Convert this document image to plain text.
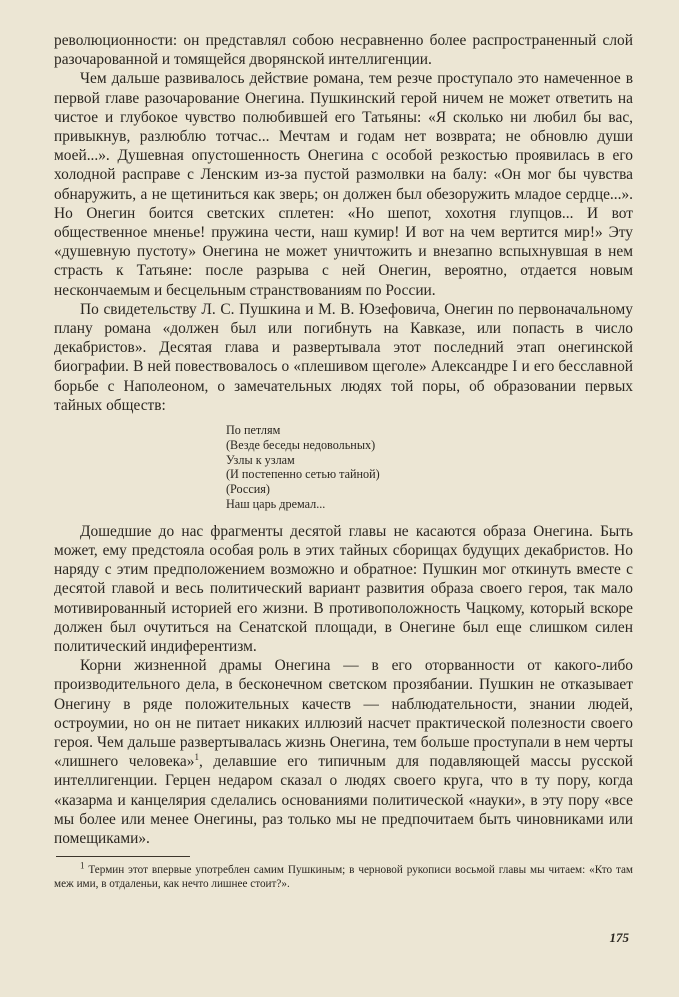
революционности: он представлял собою несравненно более распространенный слой разочарованной и томящейся дворянской интеллигенции.

Чем дальше развивалось действие романа, тем резче проступало это намеченное в первой главе разочарование Онегина. Пушкинский герой ничем не может ответить на чистое и глубокое чувство полюбившей его Татьяны: «Я сколько ни любил бы вас, привыкнув, разлюблю тотчас... Мечтам и годам нет возврата; не обновлю души моей...». Душевная опустошенность Онегина с особой резкостью проявилась в его холодной расправе с Ленским из-за пустой размолвки на балу: «Он мог бы чувства обнаружить, а не щетиниться как зверь; он должен был обезоружить младое сердце...». Но Онегин боится светских сплетен: «Но шепот, хохотня глупцов... И вот общественное мненье! пружина чести, наш кумир! И вот на чем вертится мир!» Эту «душевную пустоту» Онегина не может уничтожить и внезапно вспыхнувшая в нем страсть к Татьяне: после разрыва с ней Онегин, вероятно, отдается новым нескончаемым и бесцельным странствованиям по России.

По свидетельству Л. С. Пушкина и М. В. Юзефовича, Онегин по первоначальному плану романа «должен был или погибнуть на Кавказе, или попасть в число декабристов». Десятая глава и развертывала этот последний этап онегинской биографии. В ней повествовалось о «плешивом щеголе» Александре I и его бесславной борьбе с Наполеоном, о замечательных людях той поры, об образовании первых тайных обществ:

По петлям
(Везде беседы недовольных)
Узлы к узлам
(И постепенно сетью тайной)
(Россия)
Наш царь дремал...

Дошедшие до нас фрагменты десятой главы не касаются образа Онегина. Быть может, ему предстояла особая роль в этих тайных сборищах будущих декабристов. Но наряду с этим предположением возможно и обратное: Пушкин мог откинуть вместе с десятой главой и весь политический вариант развития образа своего героя, так мало мотивированный историей его жизни. В противоположность Чацкому, который вскоре должен был очутиться на Сенатской площади, в Онегине был еще слишком силен политический индиферентизм.

Корни жизненной драмы Онегина — в его оторванности от какого-либо производительного дела, в бесконечном светском прозябании. Пушкин не отказывает Онегину в ряде положительных качеств — наблюдательности, знании людей, остроумии, но он не питает никаких иллюзий насчет практической полезности своего героя. Чем дальше развертывалась жизнь Онегина, тем больше проступали в нем черты «лишнего человека»$^1$, делавшие его типичным для подавляющей массы русской интеллигенции. Герцен недаром сказал о людях своего круга, что в ту пору, когда «казарма и канцелярия сделались основаниями политической «науки», в эту пору «все мы более или менее Онегины, раз только мы не предпочитаем быть чиновниками или помещиками».

$^1$ Термин этот впервые употреблен самим Пушкиным; в черновой рукописи восьмой главы мы читаем: «Кто там меж ими, в отдаленьи, как нечто лишнее стоит?».

175
